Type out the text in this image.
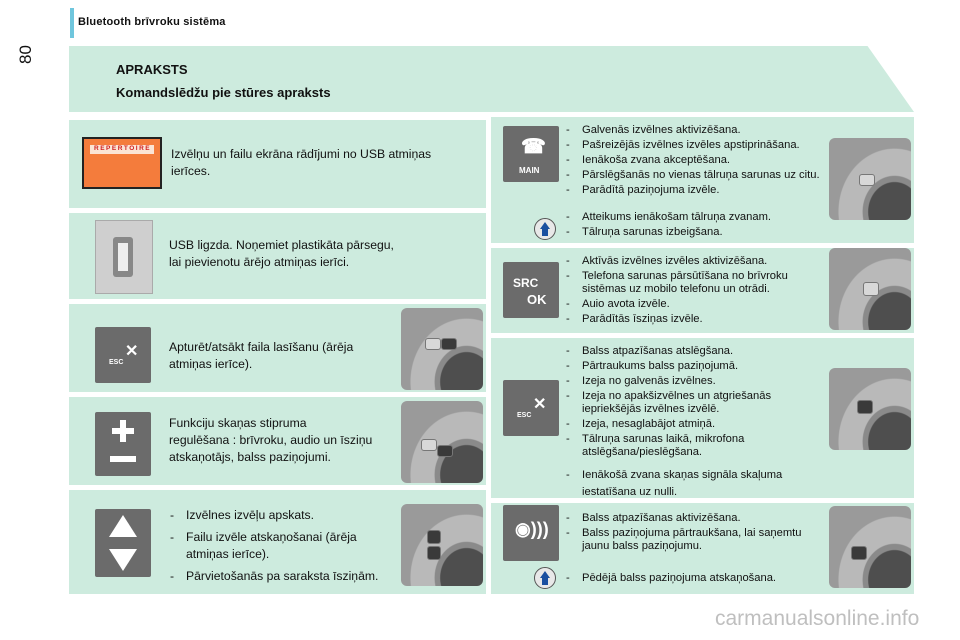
Bluetooth brīvroku sistēma
80
APRAKSTS
Komandslēdžu pie stūres apraksts
REPERTOIRE Izvēlņu un failu ekrāna rādījumi no USB atmiņas
ierīces.
USB ligzda. Noņemiet plastikāta pārsegu,
lai pievienotu ārējo atmiņas ierīci.
ESC
✕	Apturēt/atsākt faila lasīšanu (ārēja
atmiņas ierīce).
Funkciju skaņas stipruma
regulēšana : brīvroku, audio un īsziņu
atskaņotājs, balss paziņojumi.
- Izvēlnes izvēļu apskats.
- Failu izvēle atskaņošanai (ārēja atmiņas ierīce).
- Pārvietošanās pa saraksta īsziņām.
☎
MAIN
- Galvenās izvēlnes aktivizēšana.
- Pašreizējās izvēlnes izvēles apstiprināšana.
- Ienākoša zvana akceptēšana.
- Pārslēgšanās no vienas tālruņa sarunas uz citu.
- Parādītā paziņojuma izvēle.
- Atteikums ienākošam tālruņa zvanam.
- Tālruņa sarunas izbeigšana.
SRC
OK
- Aktīvās izvēlnes izvēles aktivizēšana.
- Telefona sarunas pārsūtīšana no brīvroku sistēmas uz mobilo telefonu un otrādi.
- Auio avota izvēle.
- Parādītās īsziņas izvēle.
ESC
✕
- Balss atpazīšanas atslēgšana.
- Pārtraukums balss paziņojumā.
- Izeja no galvenās izvēlnes.
- Izeja no apakšizvēlnes un atgriešanās iepriekšējās izvēlnes izvēlē.
- Izeja, nesaglabājot atmiņā.
- Tālruņa sarunas laikā, mikrofona atslēgšana/pieslēgšana.
- Ienākošā zvana skaņas signāla skaļuma iestatīšana uz nulli.
◉)))
- Balss atpazīšanas aktivizēšana.
- Balss paziņojuma pārtraukšana, lai saņemtu jaunu balss paziņojumu.
- Pēdējā balss paziņojuma atskaņošana.
carmanualsonline.info
